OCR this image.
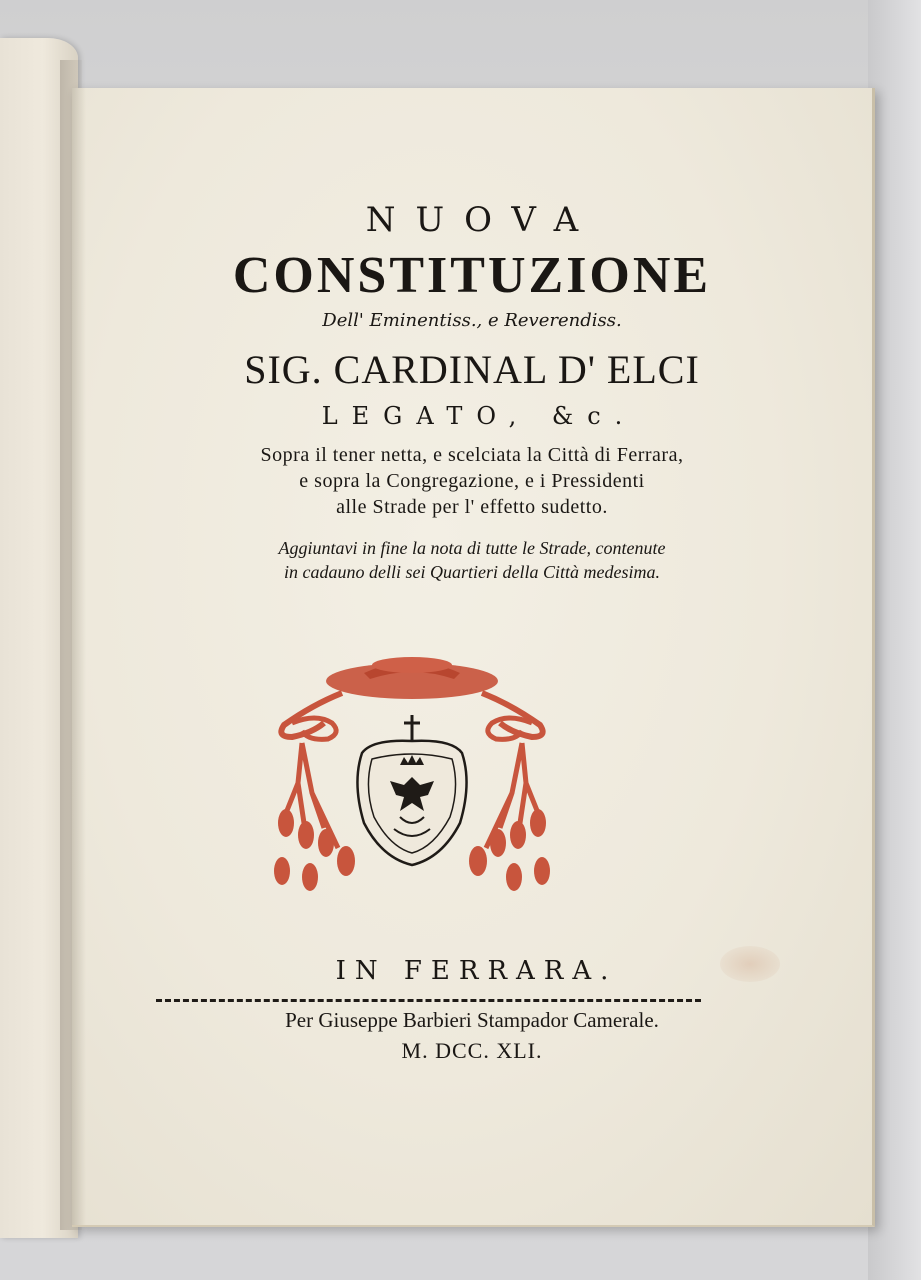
NUOVA
CONSTITUZIONE
Dell' Eminentiss., e Reverendiss.
SIG. CARDINAL D' ELCI
LEGATO, &c.
Sopra il tener netta, e scelciata la Città di Ferrara,
e sopra la Congregazione, e i Pressidenti
alle Strade per l' effetto sudetto.
Aggiuntavi in fine la nota di tutte le Strade, contenute
in cadauno delli sei Quartieri della Città medesima.
IN FERRARA.
Per Giuseppe Barbieri Stampador Camerale.
M. DCC. XLI.
